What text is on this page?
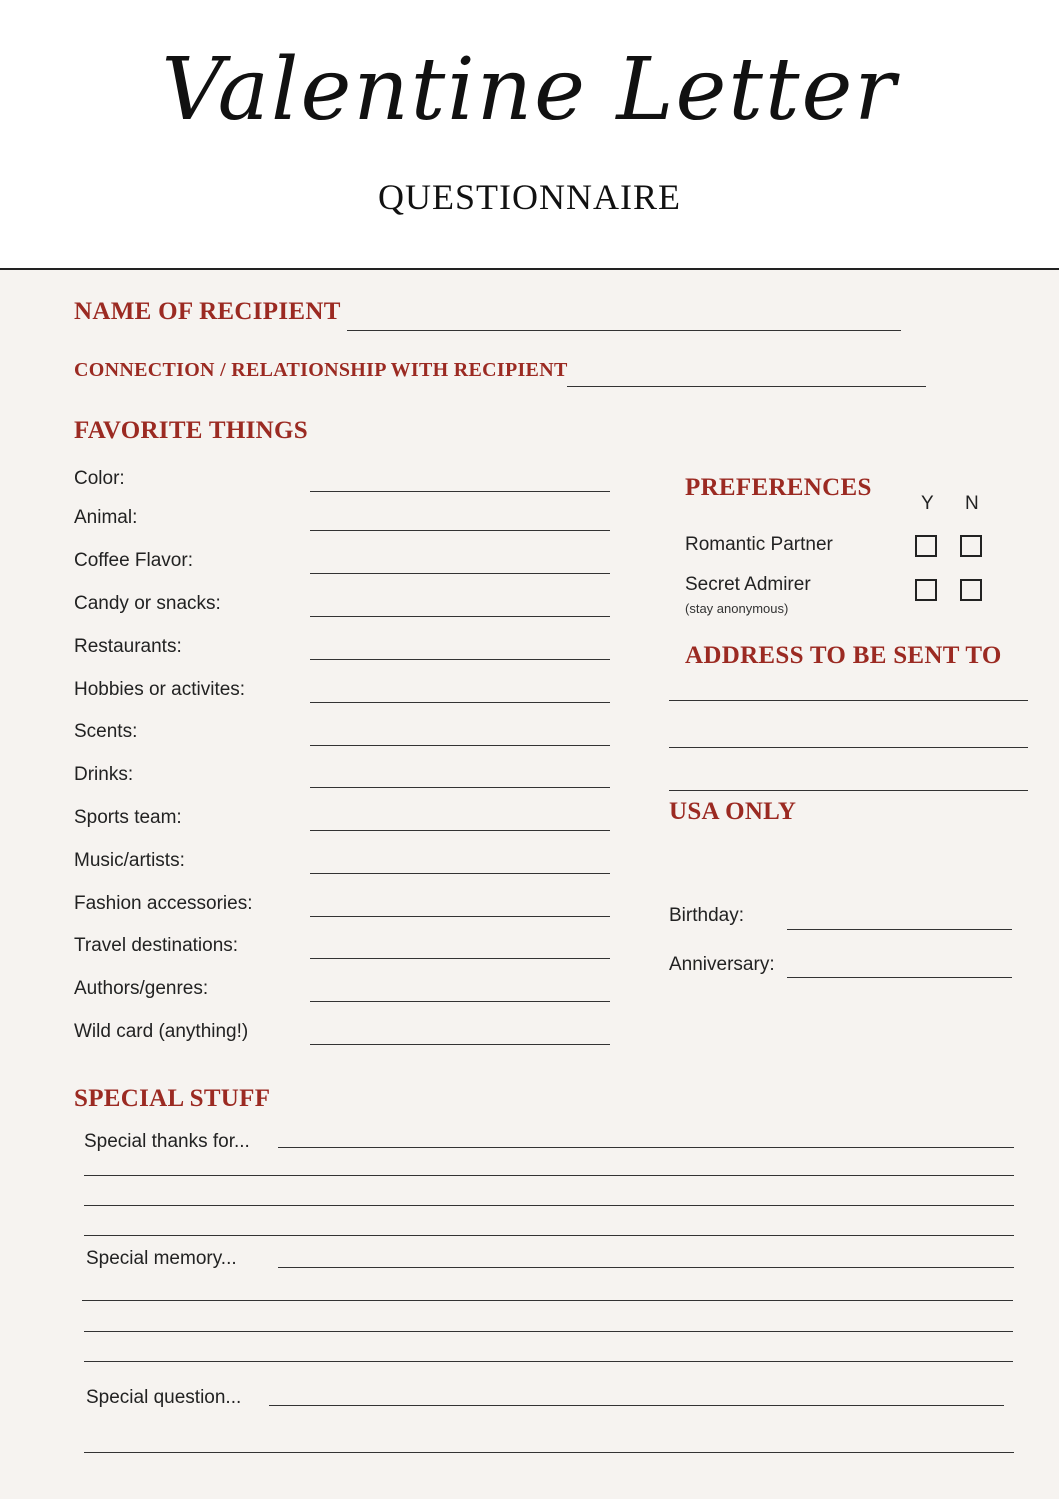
Valentine Letter
QUESTIONNAIRE
NAME OF RECIPIENT
CONNECTION / RELATIONSHIP WITH RECIPIENT
FAVORITE THINGS
Color:
Animal:
Coffee Flavor:
Candy or snacks:
Restaurants:
Hobbies or activites:
Scents:
Drinks:
Sports team:
Music/artists:
Fashion accessories:
Travel destinations:
Authors/genres:
Wild card (anything!)
PREFERENCES
Y N
Romantic Partner
Secret Admirer
(stay anonymous)
ADDRESS TO BE SENT TO
USA ONLY
Birthday:
Anniversary:
SPECIAL STUFF
Special thanks for...
Special memory...
Special question...
